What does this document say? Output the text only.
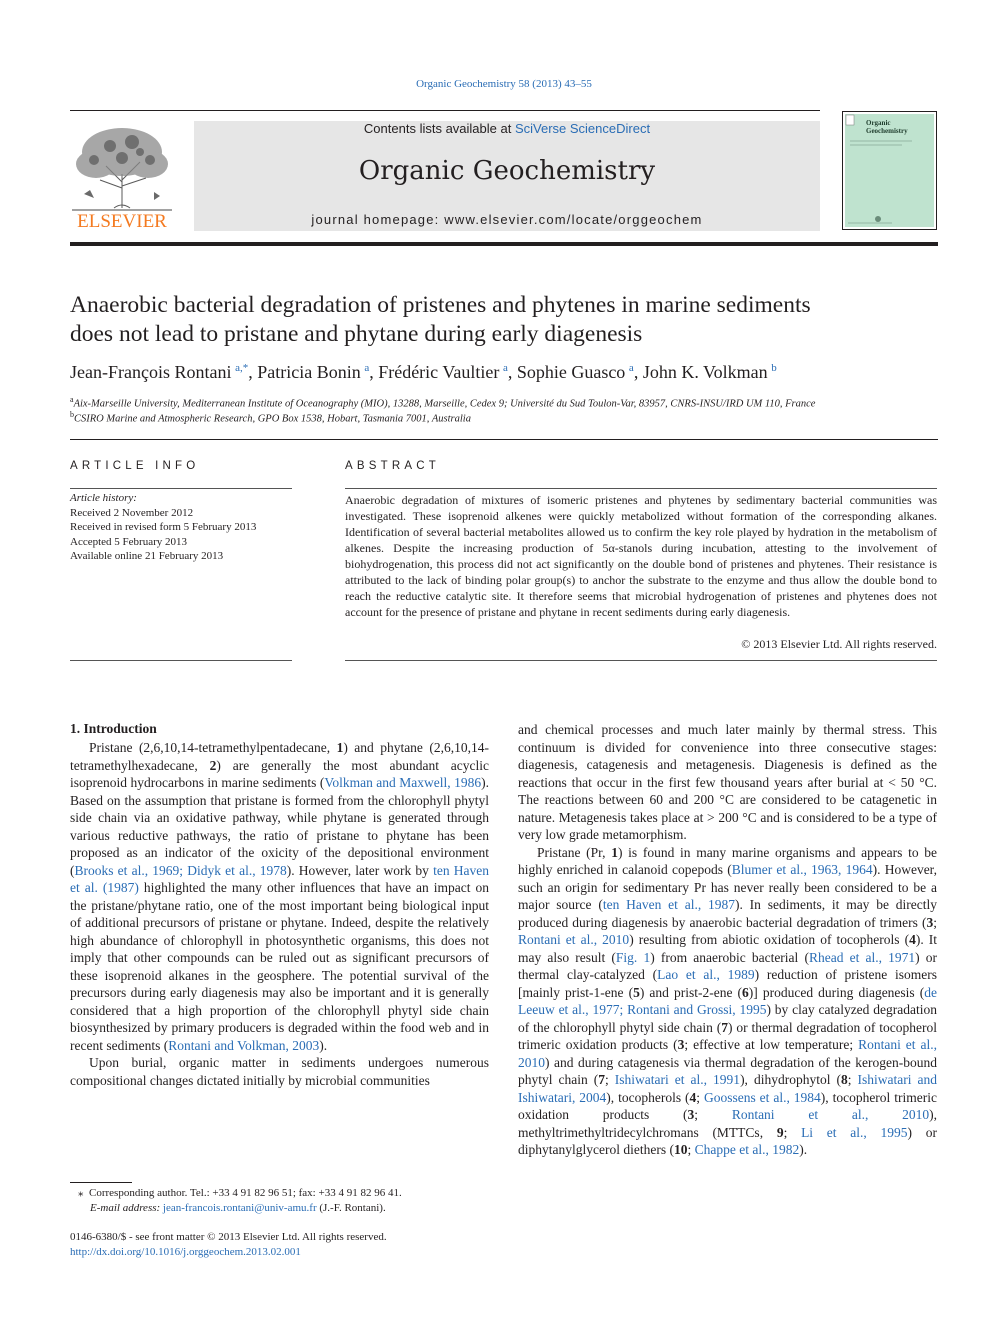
Organic Geochemistry 58 (2013) 43–55
ELSEVIER
Contents lists available at SciVerse ScienceDirect
Organic Geochemistry
journal homepage: www.elsevier.com/locate/orggeochem
Organic Geochemistry
Anaerobic bacterial degradation of pristenes and phytenes in marine sediments
does not lead to pristane and phytane during early diagenesis
Jean-François Rontani  $^{a,*}$, Patricia Bonin  $^a$, Frédéric Vaultier  $^a$, Sophie Guasco  $^a$, John K. Volkman  $^b$
$^a$Aix-Marseille University, Mediterranean Institute of Oceanography (MIO), 13288, Marseille, Cedex 9; Université du Sud Toulon-Var, 83957, CNRS-INSU/IRD UM 110, France
$^b$CSIRO Marine and Atmospheric Research, GPO Box 1538, Hobart, Tasmania 7001, Australia
ARTICLE INFO
Article history:
Received 2 November 2012
Received in revised form 5 February 2013
Accepted 5 February 2013
Available online 21 February 2013
ABSTRACT
Anaerobic degradation of mixtures of isomeric pristenes and phytenes by sedimentary bacterial communities was investigated. These isoprenoid alkenes were quickly metabolized without formation of the corresponding alkanes. Identification of several bacterial metabolites allowed us to confirm the key role played by hydration in the metabolism of alkenes. Despite the increasing production of 5α-stanols during incubation, attesting to the involvement of biohydrogenation, this process did not act significantly on the double bond of pristenes and phytenes. Their resistance is attributed to the lack of binding polar group(s) to anchor the substrate to the enzyme and thus allow the double bond to reach the reductive catalytic site. It therefore seems that microbial hydrogenation of pristenes and phytenes does not account for the presence of pristane and phytane in recent sediments during early diagenesis.
© 2013 Elsevier Ltd. All rights reserved.
1. Introduction

Pristane (2,6,10,14-tetramethylpentadecane, 1) and phytane (2,6,10,14-tetramethylhexadecane, 2) are generally the most abundant acyclic isoprenoid hydrocarbons in marine sediments (Volkman and Maxwell, 1986). Based on the assumption that pristane is formed from the chlorophyll phytyl side chain via an oxidative pathway, while phytane is generated through various reductive pathways, the ratio of pristane to phytane has been proposed as an indicator of the oxicity of the depositional environment (Brooks et al., 1969; Didyk et al., 1978). However, later work by ten Haven et al. (1987) highlighted the many other influences that have an impact on the pristane/phytane ratio, one of the most important being biological input of additional precursors of pristane or phytane. Indeed, despite the relatively high abundance of chlorophyll in photosynthetic organisms, this does not imply that other compounds can be ruled out as significant precursors of these isoprenoid alkanes in the geosphere. The potential survival of the precursors during early diagenesis may also be important and it is generally considered that a high proportion of the chlorophyll phytyl side chain biosynthesized by primary producers is degraded within the food web and in recent sediments (Rontani and Volkman, 2003).

Upon burial, organic matter in sediments undergoes numerous compositional changes dictated initially by microbial communities

and chemical processes and much later mainly by thermal stress. This continuum is divided for convenience into three consecutive stages: diagenesis, catagenesis and metagenesis. Diagenesis is defined as the reactions that occur in the first few thousand years after burial at < 50 °C. The reactions between 60 and 200 °C are considered to be catagenetic in nature. Metagenesis takes place at > 200 °C and is considered to be a type of very low grade metamorphism.

Pristane (Pr, 1) is found in many marine organisms and appears to be highly enriched in calanoid copepods (Blumer et al., 1963, 1964). However, such an origin for sedimentary Pr has never really been considered to be a major source (ten Haven et al., 1987). In sediments, it may be directly produced during diagenesis by anaerobic bacterial degradation of trimers (3; Rontani et al., 2010) resulting from abiotic oxidation of tocopherols (4). It may also result (Fig. 1) from anaerobic bacterial (Rhead et al., 1971) or thermal clay-catalyzed (Lao et al., 1989) reduction of pristene isomers [mainly prist-1-ene (5) and prist-2-ene (6)] produced during diagenesis (de Leeuw et al., 1977; Rontani and Grossi, 1995) by clay catalyzed degradation of the chlorophyll phytyl side chain (7) or thermal degradation of tocopherol trimeric oxidation products (3; effective at low temperature; Rontani et al., 2010) and during catagenesis via thermal degradation of the kerogen-bound phytyl chain (7; Ishiwatari et al., 1991), dihydrophytol (8; Ishiwatari and Ishiwatari, 2004), tocopherols (4; Goossens et al., 1984), tocopherol trimeric oxidation products (3; Rontani et al., 2010), methyltrimethyltridecylchromans (MTTCs, 9; Li et al., 1995) or diphytanylglycerol diethers (10; Chappe et al., 1982).

⁎ Corresponding author. Tel.: +33 4 91 82 96 51; fax: +33 4 91 82 96 41.
E-mail address: jean-francois.rontani@univ-amu.fr (J.-F. Rontani).
0146-6380/$ - see front matter © 2013 Elsevier Ltd. All rights reserved.
http://dx.doi.org/10.1016/j.orggeochem.2013.02.001
